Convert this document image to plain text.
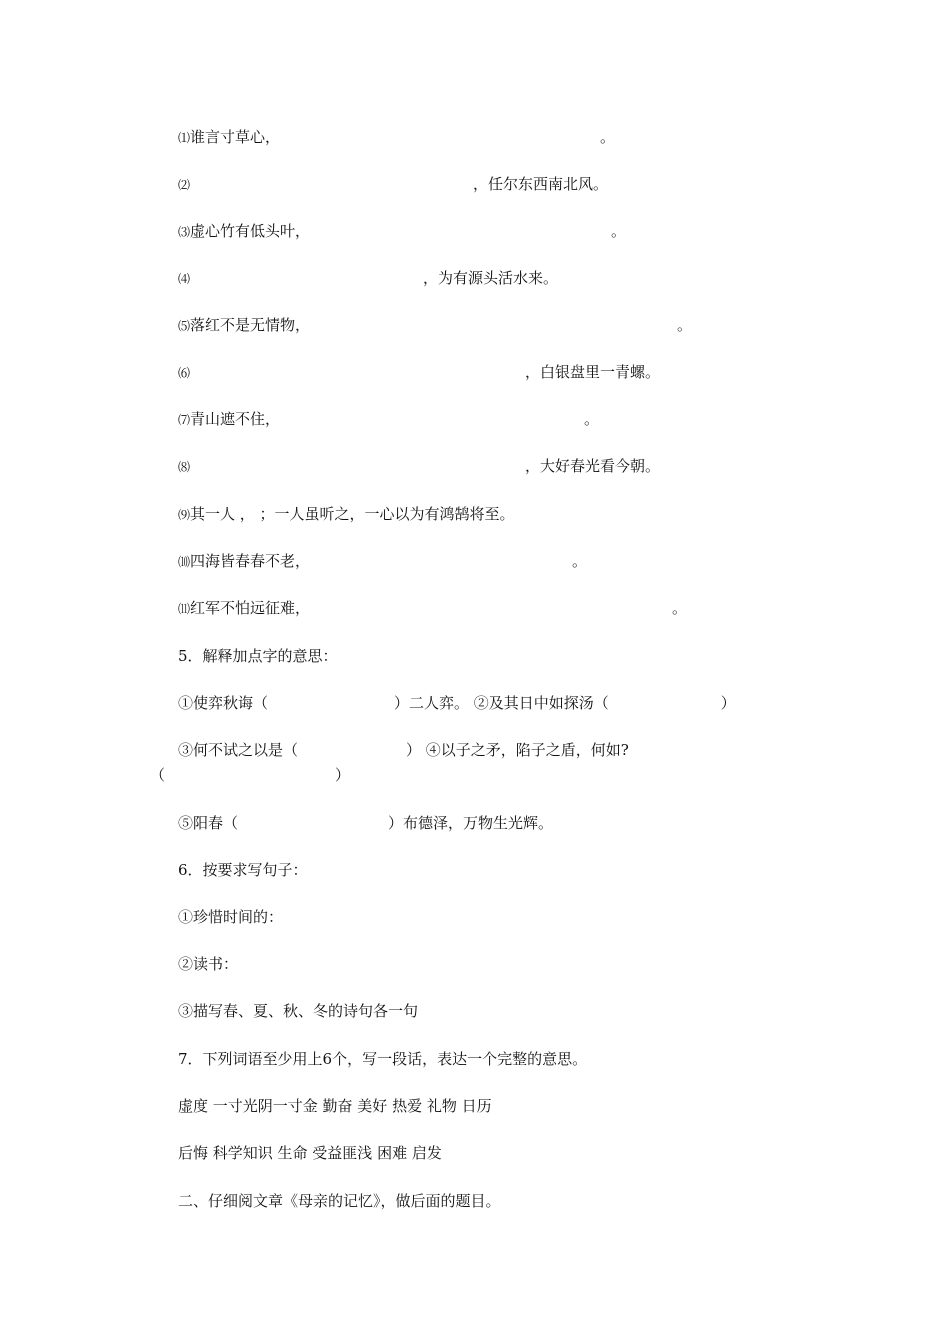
⑴谁言寸草心，	。
⑵	，任尔东西南北风。
⑶虚心竹有低头叶，	。
⑷	，为有源头活水来。
⑸落红不是无情物，	。
⑹	，白银盘里一青螺。
⑺青山遮不住，	。
⑻	，大好春光看今朝。
⑼其一人 ， ；一人虽听之，一心以为有鸿鹄将至。
⑽四海皆春春不老，	。
⑾红军不怕远征难，	。
5．解释加点字的意思：
①使弈秋诲（	）二人弈。 ②及其日中如探汤（	）
③何不试之以是（	） ④以子之矛，陷子之盾，何如?
（	）
⑤阳春（	）布德泽，万物生光辉。
6．按要求写句子：
①珍惜时间的：
②读书：
③描写春、夏、秋、冬的诗句各一句
7．下列词语至少用上6个，写一段话，表达一个完整的意思。
虚度 一寸光阴一寸金 勤奋 美好 热爱 礼物 日历
后悔 科学知识 生命 受益匪浅 困难 启发
二、仔细阅文章《母亲的记忆》，做后面的题目。
